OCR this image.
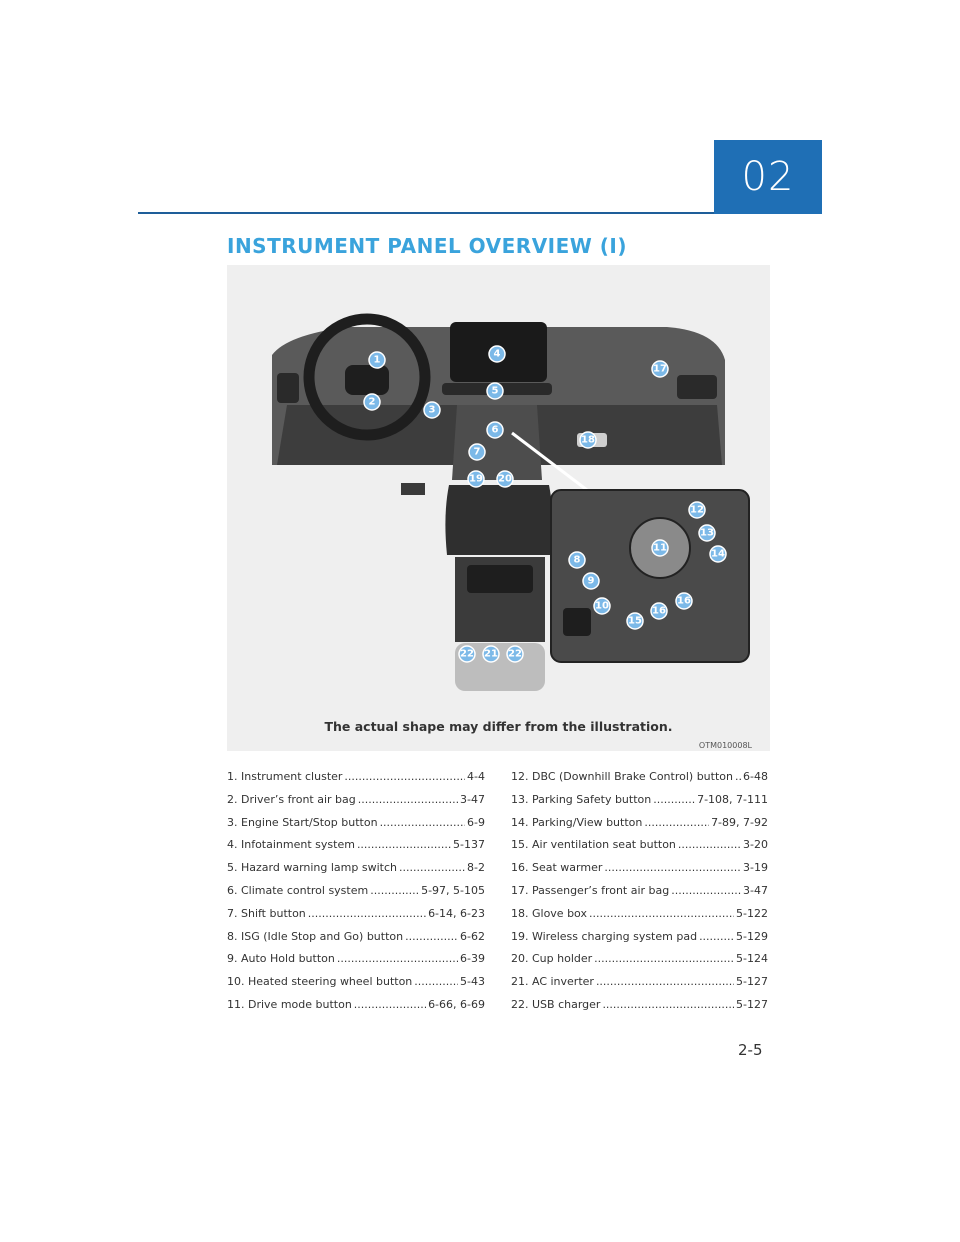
02
INSTRUMENT PANEL OVERVIEW (I)
1
2
3
4
5
6
7
8
9
10
11
12
13
14
15
16
16
17
18
19 20
21
22	22
The actual shape may differ from the illustration.
OTM010008L
1. Instrument cluster .....	4-4
2. Driver’s front air bag .....	3-47
3. Engine Start/Stop button .....	6-9
4. Infotainment system .....	5-137
5. Hazard warning lamp switch .....	8-2
6. Climate control system .....	5-97, 5-105
7. Shift button .....	6-14, 6-23
8. ISG (Idle Stop and Go) button .....	6-62
9. Auto Hold button .....	6-39
10. Heated steering wheel button .....	5-43
11. Drive mode button .....	6-66, 6-69
12. DBC (Downhill Brake Control) button ..... 6-48
13. Parking Safety button .....	7-108, 7-111
14. Parking/View button .....	7-89, 7-92
15. Air ventilation seat button .....	3-20
16. Seat warmer .....	3-19
17. Passenger’s front air bag .....	3-47
18. Glove box .....	5-122
19. Wireless charging system pad .....	5-129
20. Cup holder .....	5-124
21. AC inverter .....	5-127
22. USB charger .....	5-127
2-5
